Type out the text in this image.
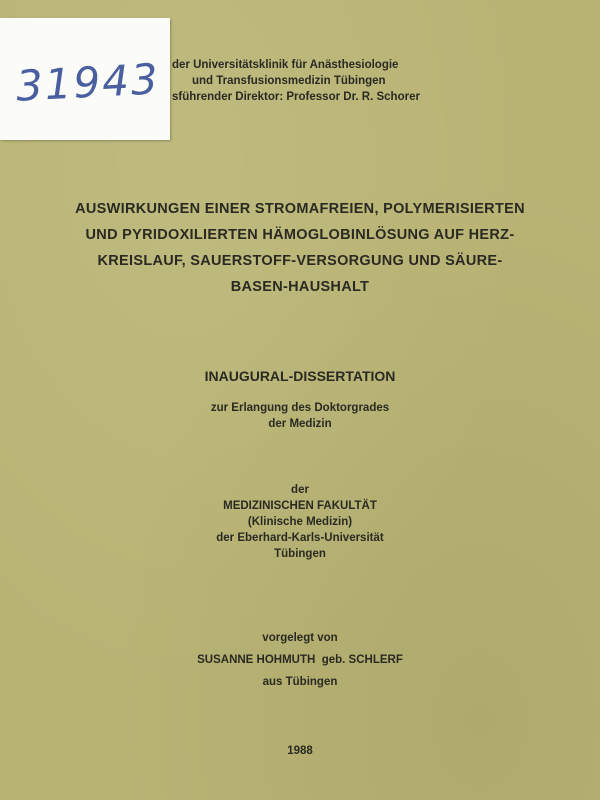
31943 der Universitätsklinik für Anästhesiologie
und Transfusionsmedizin Tübingen
sführender Direktor: Professor Dr. R. Schorer
AUSWIRKUNGEN EINER STROMAFREIEN, POLYMERISIERTEN
UND PYRIDOXILIERTEN HÄMOGLOBINLÖSUNG AUF HERZ-
KREISLAUF, SAUERSTOFF-VERSORGUNG UND SÄURE-
BASEN-HAUSHALT
INAUGURAL-DISSERTATION
zur Erlangung des Doktorgrades
der Medizin
der
MEDIZINISCHEN FAKULTÄT
(Klinische Medizin)
der Eberhard-Karls-Universität
Tübingen
vorgelegt von
SUSANNE HOHMUTH  geb. SCHLERF
aus Tübingen
1988
